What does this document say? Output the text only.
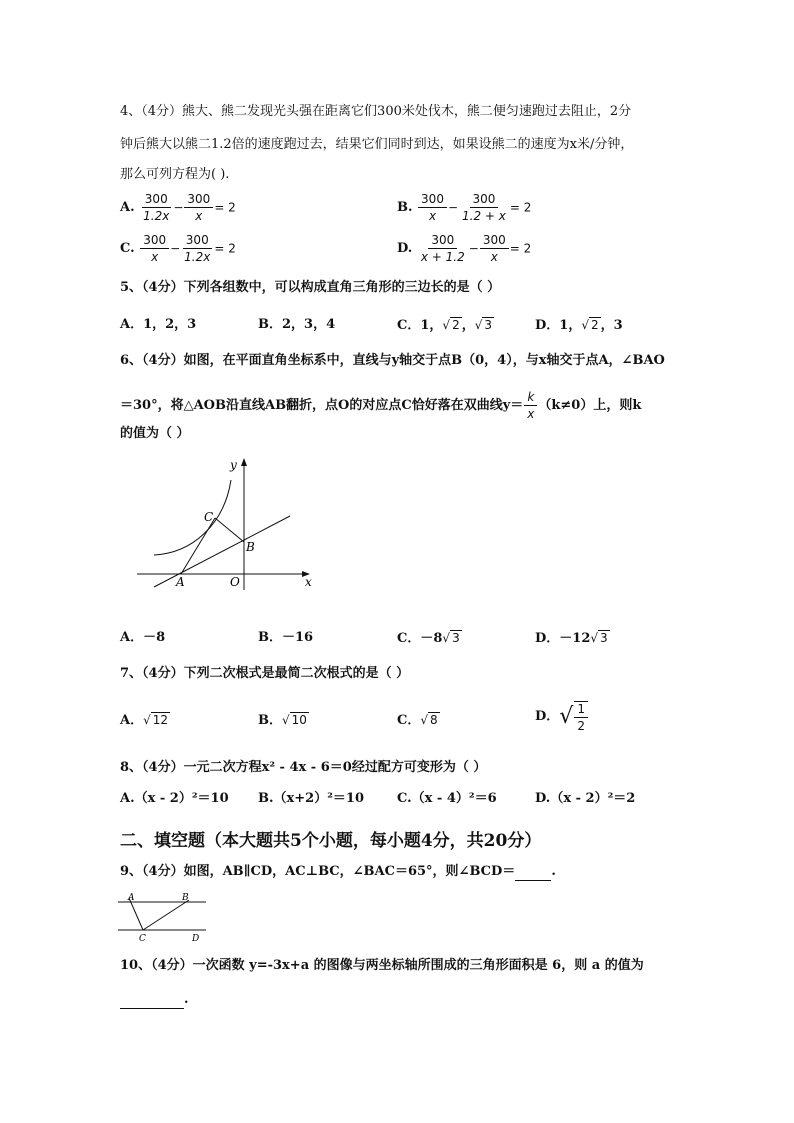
4、（4分）熊大、熊二发现光头强在距离它们300米处伐木，熊二便匀速跑过去阻止，2分
钟后熊大以熊二1.2倍的速度跑过去，结果它们同时到达，如果设熊二的速度为x米/分钟，
那么可列方程为( ).
A. $\frac{300}{1.2x} - \frac{300}{x} = 2$	B. $\frac{300}{x} - \frac{300}{1.2 + x} = 2$
C. $\frac{300}{x} - \frac{300}{1.2x} = 2$	D. $\frac{300}{x + 1.2} - \frac{300}{x} = 2$
5、（4分）下列各组数中，可以构成直角三角形的三边长的是（ ）
A．1，2，3	B．2，3，4	C．1，√ 2 ，√ 3	D．1，√ 2 ，3
6、（4分）如图，在平面直角坐标系中，直线与y轴交于点B（0，4），与x轴交于点A，∠BAO
＝30°，将△AOB沿直线AB翻折，点O的对应点C恰好落在双曲线$y= \frac{k}{x} (k\ne 0)$上，则k
的值为（ ）
y
x
C
B
A	O
A．－8	B．－16	C．－8√ 3	D．－12√ 3
7、（4分）下列二次根式是最简二次根式的是（ ）
A．√ 12	B．√ 10	C．√ 8	D．√ $\frac{1}{2}$
8、（4分）一元二次方程x² - 4x - 6＝0经过配方可变形为（ ）
A.（x - 2）²＝10 B.（x+2）²＝10	C.（x - 4）²＝6	D.（x - 2）²＝2
二、填空题（本大题共5个小题，每小题4分，共20分）
9、（4分）如图，AB∥CD，AC⊥BC，∠BAC＝65°，则∠BCD＝	.
A	B
C	D
10、（4分）一次函数 y=-3x+a 的图像与两坐标轴所围成的三角形面积是 6，则 a 的值为
.
